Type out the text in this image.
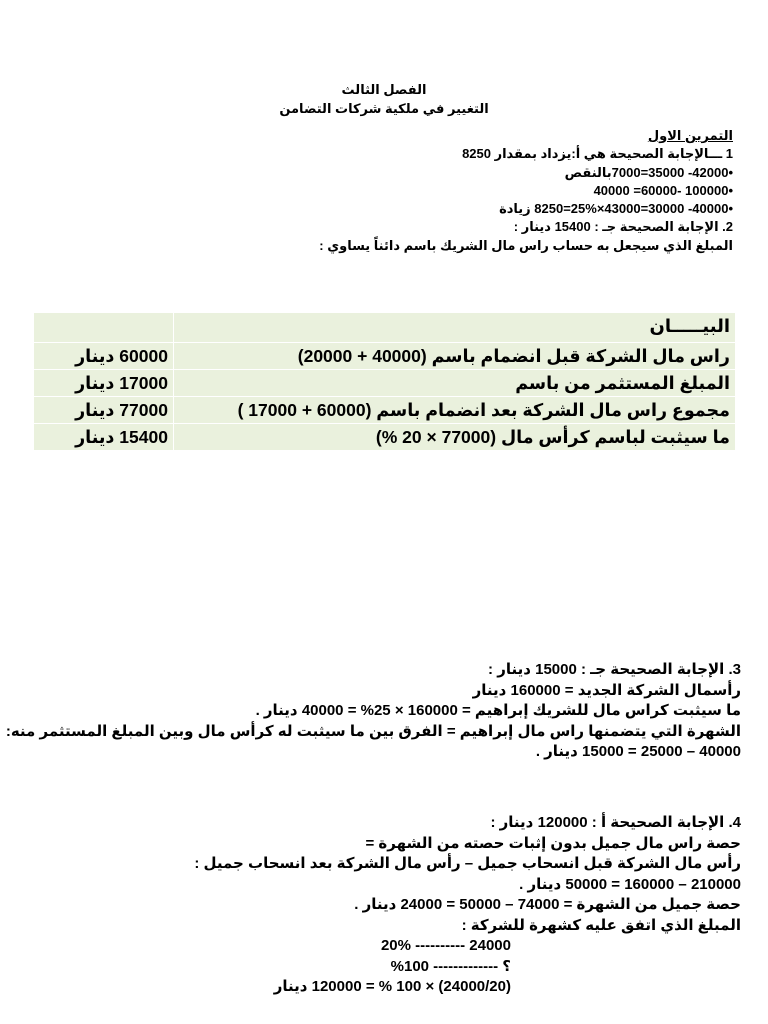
الفصل الثالث
التغيير في ملكية شركات التضامن
التمرين الاول
1 ـــالإجابة الصحيحة هي أ:يزداد بمقدار 8250
•42000- 35000=7000بالنقص
•100000 -60000= 40000
•40000- 30000=43000×25%=8250 زيادة
2. الإجابة الصحيحة جـ : 15400 دينار :
المبلغ الذي سيجعل به حساب راس مال الشريك باسم دائناً يساوي :
البيـــــان	
راس مال الشركة قبل انضمام باسم (40000 + 20000)	60000 دينار
المبلغ المستثمر من باسم	17000 دينار
مجموع راس مال الشركة بعد انضمام باسم (60000 + 17000 )	77000 دينار
ما سيثبت لباسم كرأس مال (77000 × 20 %)	15400 دينار
3. الإجابة الصحيحة جـ : 15000 دينار :
رأسمال الشركة الجديد = 160000 دينار
ما سيثبت كراس مال للشريك إبراهيم = 160000 × 25% = 40000 دينار .
الشهرة التي يتضمنها راس مال إبراهيم = الفرق بين ما سيثبت له كرأس مال وبين المبلغ المستثمر منه:
40000 – 25000 = 15000 دينار .
4. الإجابة الصحيحة أ : 120000 دينار :
حصة راس مال جميل بدون إثبات حصته من الشهرة =
رأس مال الشركة قبل انسحاب جميل – رأس مال الشركة بعد انسحاب جميل :
210000 – 160000 = 50000 دينار .
حصة جميل من الشهرة = 74000 – 50000 = 24000 دينار .
المبلغ الذي اتفق عليه كشهرة للشركة :
24000 ---------- 20%
؟ ------------- 100%
(24000/20) × 100 % = 120000 دينار
